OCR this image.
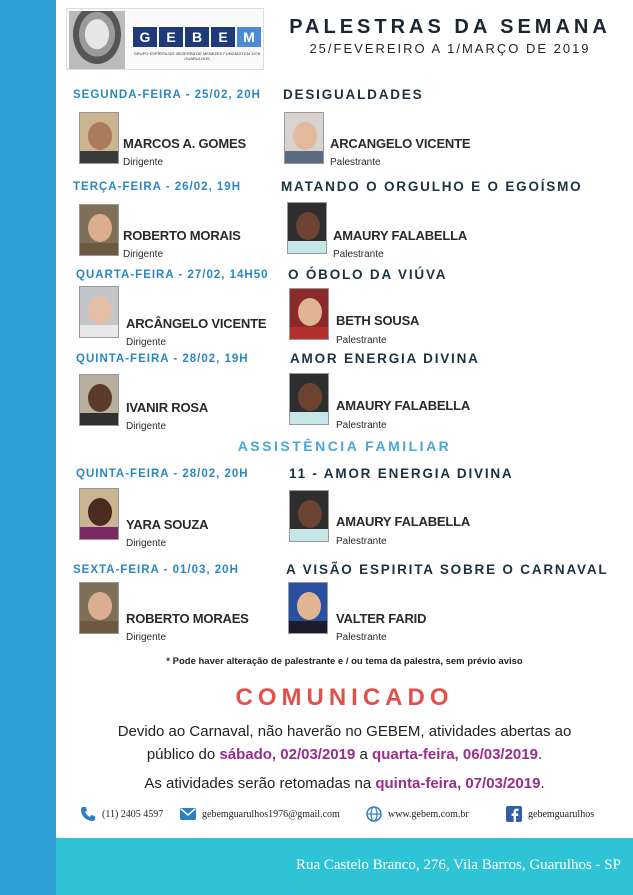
G	E	B	E	M
GRUPO ESPÍRITA DR. BEZERRA DE MENEZES FUNDADO EM 1976 GUARULHOS
PALESTRAS DA SEMANA
25/FEVEREIRO A 1/MARÇO DE 2019
SEGUNDA-FEIRA - 25/02, 20H DESIGUALDADES
MARCOS A. GOMES
Dirigente
ARCANGELO VICENTE
Palestrante
TERÇA-FEIRA - 26/02, 19H	MATANDO O ORGULHO E O EGOÍSMO
ROBERTO MORAIS
Dirigente
AMAURY FALABELLA
Palestrante
QUARTA-FEIRA - 27/02, 14H50 O ÓBOLO DA VIÚVA
ARCÂNGELO VICENTE
Dirigente
BETH SOUSA
Palestrante
QUINTA-FEIRA - 28/02, 19H	AMOR ENERGIA DIVINA
IVANIR ROSA
Dirigente
AMAURY FALABELLA
Palestrante
ASSISTÊNCIA FAMILIAR
QUINTA-FEIRA - 28/02, 20H	11 - AMOR ENERGIA DIVINA
YARA SOUZA
Dirigente
AMAURY FALABELLA
Palestrante
SEXTA-FEIRA - 01/03, 20H	A VISÃO ESPIRITA SOBRE O CARNAVAL
ROBERTO MORAES
Dirigente
VALTER FARID
Palestrante
* Pode haver alteração de palestrante e / ou tema da palestra, sem prévio aviso
COMUNICADO
Devido ao Carnaval, não haverão no GEBEM, atividades abertas ao
público do sábado, 02/03/2019 a quarta-feira, 06/03/2019.
As atividades serão retomadas na quinta-feira, 07/03/2019.
(11) 2405 4597	gebemguarulhos1976@gmail.com	www.gebem.com.br	gebemguarulhos
Rua Castelo Branco, 276, Vila Barros, Guarulhos - SP
